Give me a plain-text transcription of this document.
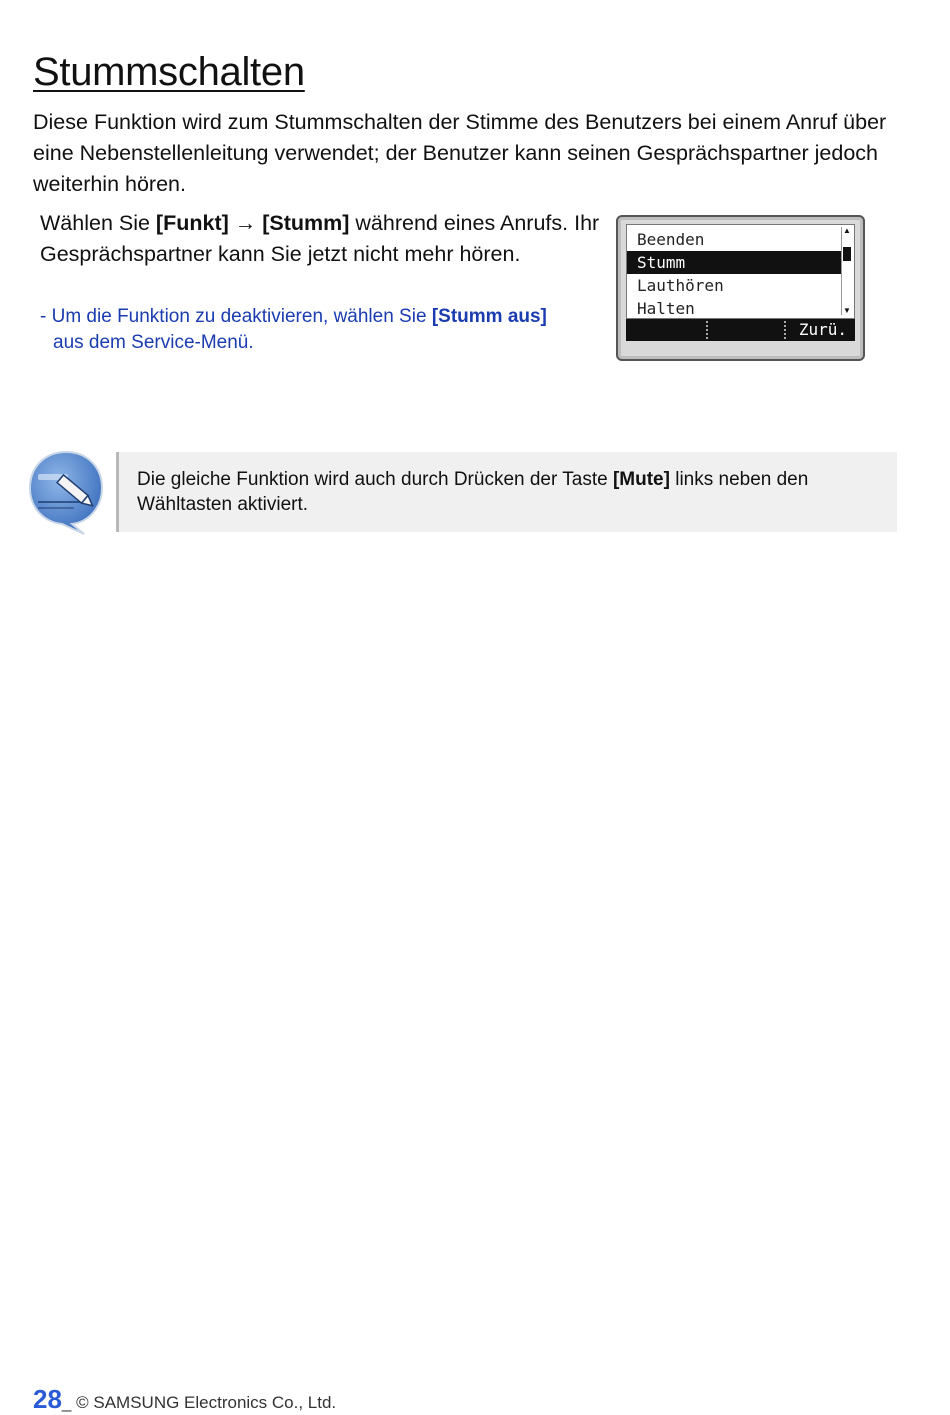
Stummschalten

Diese Funktion wird zum Stummschalten der Stimme des Benutzers bei einem Anruf über eine Nebenstellenleitung verwendet; der Benutzer kann seinen Gesprächspartner jedoch weiterhin hören.

Wählen Sie [Funkt] → [Stumm] während eines Anrufs. Ihr Gesprächspartner kann Sie jetzt nicht mehr hören.

- Um die Funktion zu deaktivieren, wählen Sie [Stumm aus]
aus dem Service-Menü.

Beenden
Stumm
Lauthören
Halten
▲
▼
Zurü.

Die gleiche Funktion wird auch durch Drücken der Taste [Mute] links neben den Wähltasten aktiviert.

28_ © SAMSUNG Electronics Co., Ltd.
